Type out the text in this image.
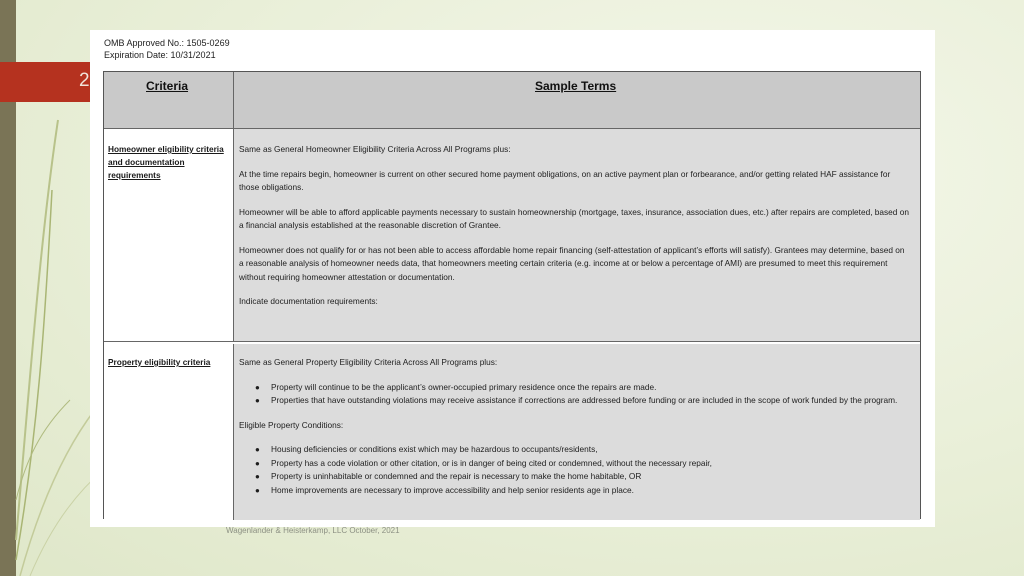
2
OMB Approved No.: 1505-0269
Expiration Date: 10/31/2021
Criteria	Sample Terms
Homeowner eligibility criteria and documentation requirements

Same as General Homeowner Eligibility Criteria Across All Programs plus:

At the time repairs begin, homeowner is current on other secured home payment obligations, on an active payment plan or forbearance, and/or getting related HAF assistance for those obligations.

Homeowner will be able to afford applicable payments necessary to sustain homeownership (mortgage, taxes, insurance, association dues, etc.) after repairs are completed, based on a financial analysis established at the reasonable discretion of Grantee.

Homeowner does not qualify for or has not been able to access affordable home repair financing (self-attestation of applicant’s efforts will satisfy). Grantees may determine, based on a reasonable analysis of homeowner needs data, that homeowners meeting certain criteria (e.g. income at or below a percentage of AMI) are presumed to meet this requirement without requiring homeowner attestation or documentation.

Indicate documentation requirements:

Property eligibility criteria	Same as General Property Eligibility Criteria Across All Programs plus:

● Property will continue to be the applicant’s owner-occupied primary residence once the repairs are made.
● Properties that have outstanding violations may receive assistance if corrections are addressed before funding or are included in the scope of work funded by the program.

Eligible Property Conditions:

● Housing deficiencies or conditions exist which may be hazardous to occupants/residents,
● Property has a code violation or other citation, or is in danger of being cited or condemned, without the necessary repair,
● Property is uninhabitable or condemned and the repair is necessary to make the home habitable, OR
● Home improvements are necessary to improve accessibility and help senior residents age in place.
Wagenlander & Heisterkamp, LLC October, 2021
